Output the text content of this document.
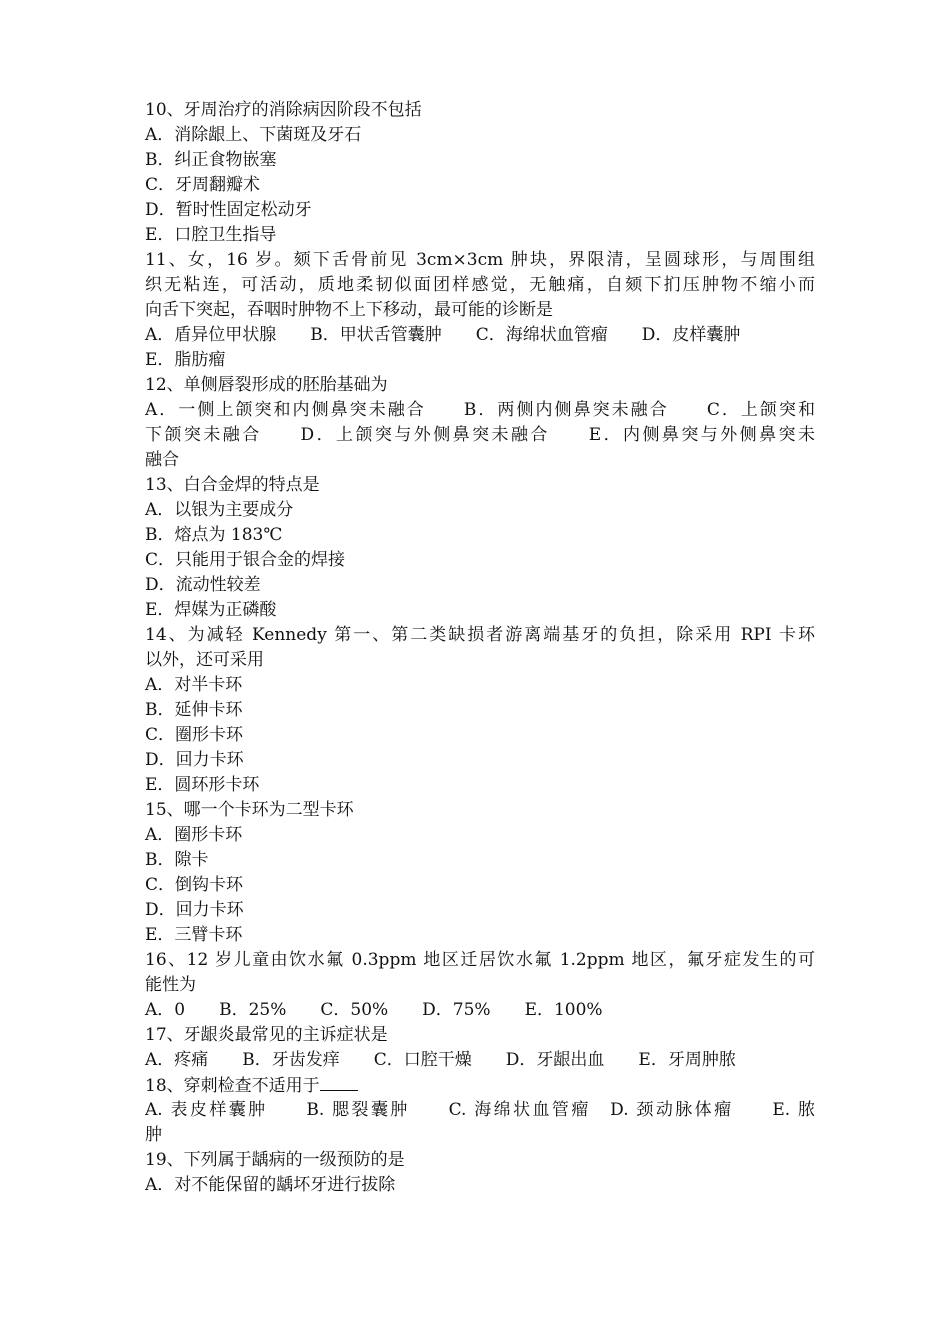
10、牙周治疗的消除病因阶段不包括
A．消除龈上、下菌斑及牙石
B．纠正食物嵌塞
C．牙周翻瓣术
D．暂时性固定松动牙
E．口腔卫生指导
11、女，16 岁。颏下舌骨前见 3cm×3cm 肿块，界限清，呈圆球形，与周围组
织无粘连，可活动，质地柔韧似面团样感觉，无触痛，自颏下扪压肿物不缩小而
向舌下突起，吞咽时肿物不上下移动，最可能的诊断是
A．盾异位甲状腺　　B．甲状舌管囊肿　　C．海绵状血管瘤　　D．皮样囊肿
E．脂肪瘤
12、单侧唇裂形成的胚胎基础为
A．一侧上颌突和内侧鼻突未融合　　B．两侧内侧鼻突未融合　　C．上颌突和
下颌突未融合　　D．上颌突与外侧鼻突未融合　　E．内侧鼻突与外侧鼻突未
融合
13、白合金焊的特点是
A．以银为主要成分
B．熔点为 183℃
C．只能用于银合金的焊接
D．流动性较差
E．焊媒为正磷酸
14、为减轻 Kennedy 第一、第二类缺损者游离端基牙的负担，除采用 RPI 卡环
以外，还可采用
A．对半卡环
B．延伸卡环
C．圈形卡环
D．回力卡环
E．圆环形卡环
15、哪一个卡环为二型卡环
A．圈形卡环
B．隙卡
C．倒钩卡环
D．回力卡环
E．三臂卡环
16、12 岁儿童由饮水氟 0.3ppm 地区迁居饮水氟 1.2ppm 地区，氟牙症发生的可
能性为
A．0　　B．25%　　C．50%　　D．75%　　E．100%
17、牙龈炎最常见的主诉症状是
A．疼痛　　B．牙齿发痒　　C．口腔干燥　　D．牙龈出血　　E．牙周肿脓
18、穿刺检查不适用于
A. 表皮样囊肿　　B. 腮裂囊肿　　C. 海绵状血管瘤　D. 颈动脉体瘤　　E. 脓
肿
19、下列属于龋病的一级预防的是
A．对不能保留的龋坏牙进行拔除
